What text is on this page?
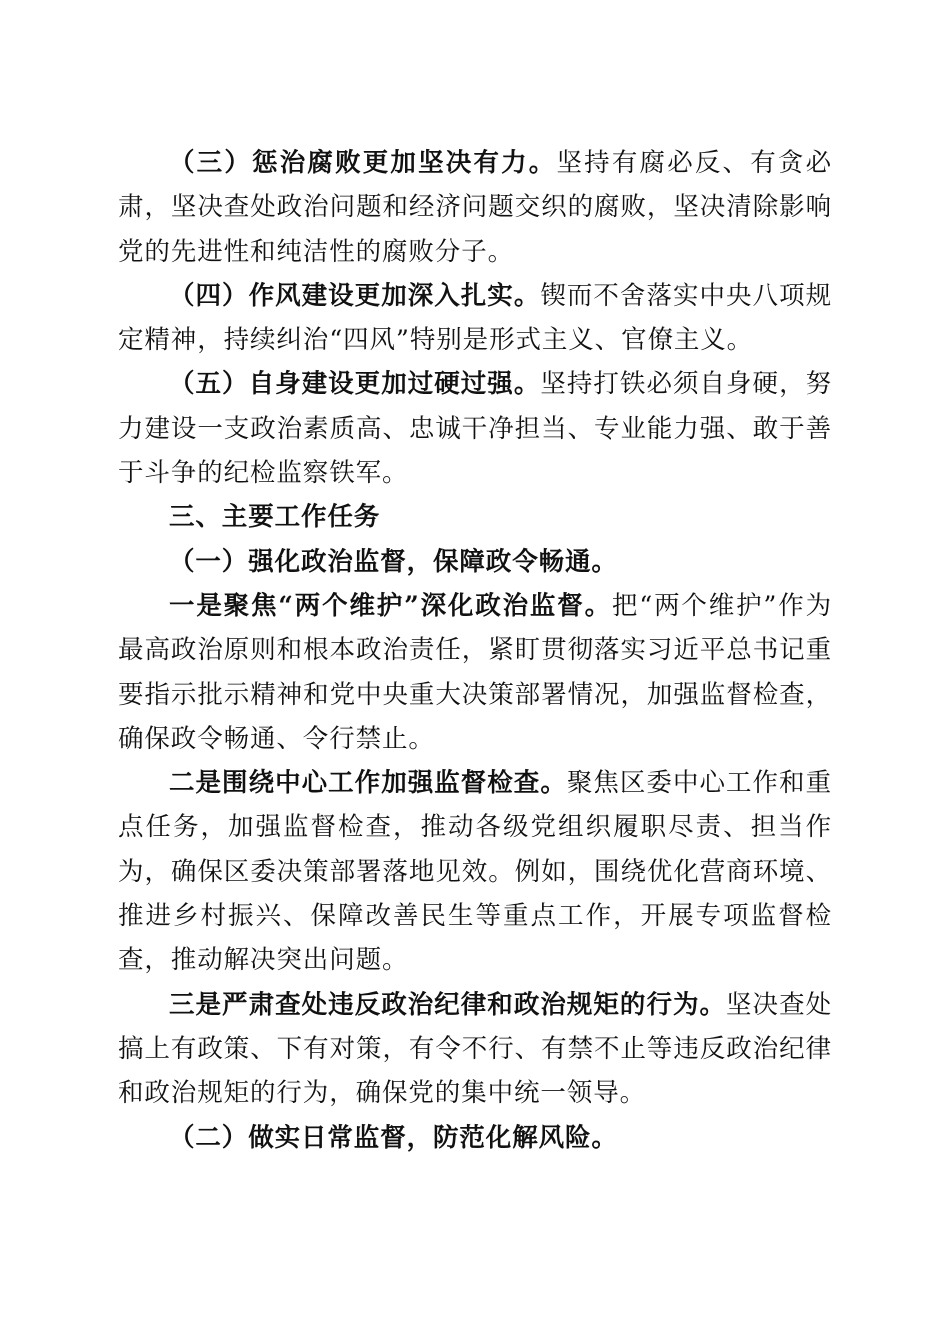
（三）惩治腐败更加坚决有力。坚持有腐必反、有贪必肃，坚决查处政治问题和经济问题交织的腐败，坚决清除影响党的先进性和纯洁性的腐败分子。

（四）作风建设更加深入扎实。锲而不舍落实中央八项规定精神，持续纠治“四风”特别是形式主义、官僚主义。

（五）自身建设更加过硬过强。坚持打铁必须自身硬，努力建设一支政治素质高、忠诚干净担当、专业能力强、敢于善于斗争的纪检监察铁军。

三、主要工作任务

（一）强化政治监督，保障政令畅通。

一是聚焦“两个维护”深化政治监督。把“两个维护”作为最高政治原则和根本政治责任，紧盯贯彻落实习近平总书记重要指示批示精神和党中央重大决策部署情况，加强监督检查，确保政令畅通、令行禁止。

二是围绕中心工作加强监督检查。聚焦区委中心工作和重点任务，加强监督检查，推动各级党组织履职尽责、担当作为，确保区委决策部署落地见效。例如，围绕优化营商环境、推进乡村振兴、保障改善民生等重点工作，开展专项监督检查，推动解决突出问题。

三是严肃查处违反政治纪律和政治规矩的行为。坚决查处搞上有政策、下有对策，有令不行、有禁不止等违反政治纪律和政治规矩的行为，确保党的集中统一领导。

（二）做实日常监督，防范化解风险。
